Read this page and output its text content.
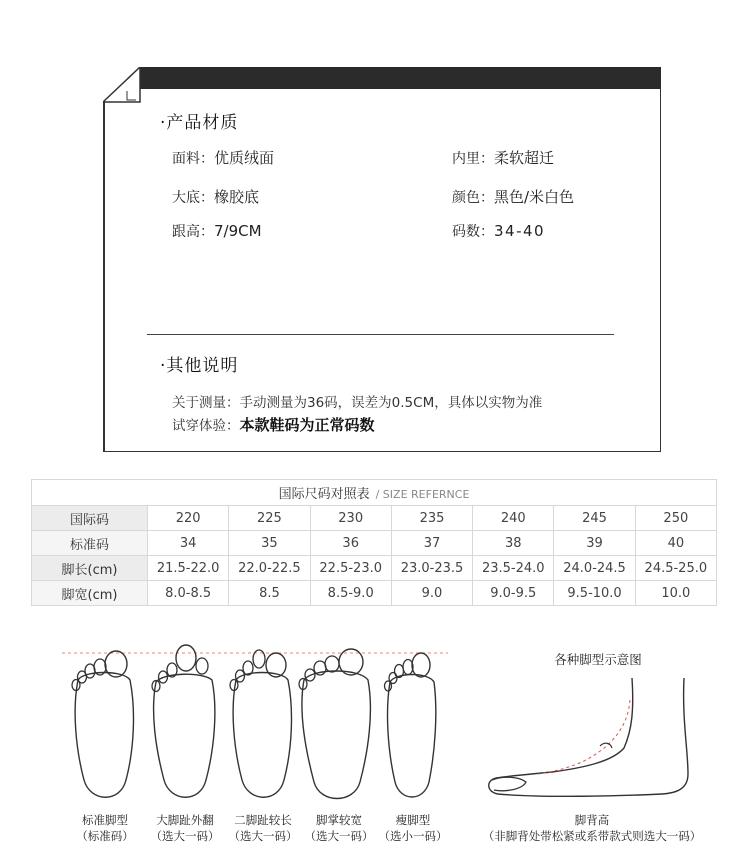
·产品材质
面料：优质绒面	内里：柔软超迁
大底：橡胶底	颜色：黑色/米白色
跟高：7/9CM	码数：34-40
·其他说明
关于测量：手动测量为36码，误差为0.5CM，具体以实物为准
试穿体验：本款鞋码为正常码数
国际尺码对照表 / SIZE REFERNCE							
国际码	220	225	230	235	240	245	250
标准码	34	35	36	37	38	39	40
脚长(cm)	21.5-22.0	22.0-22.5	22.5-23.0	23.0-23.5	23.5-24.0	24.0-24.5	24.5-25.0
脚宽(cm)	8.0-8.5	8.5	8.5-9.0	9.0	9.0-9.5	9.5-10.0	10.0
标准脚型
（标准码）
大脚趾外翻
（选大一码）
二脚趾较长
（选大一码）
脚掌较宽
（选大一码）
瘦脚型
（选小一码）
各种脚型示意图
脚背高
（非脚背处带松紧或系带款式则选大一码）
